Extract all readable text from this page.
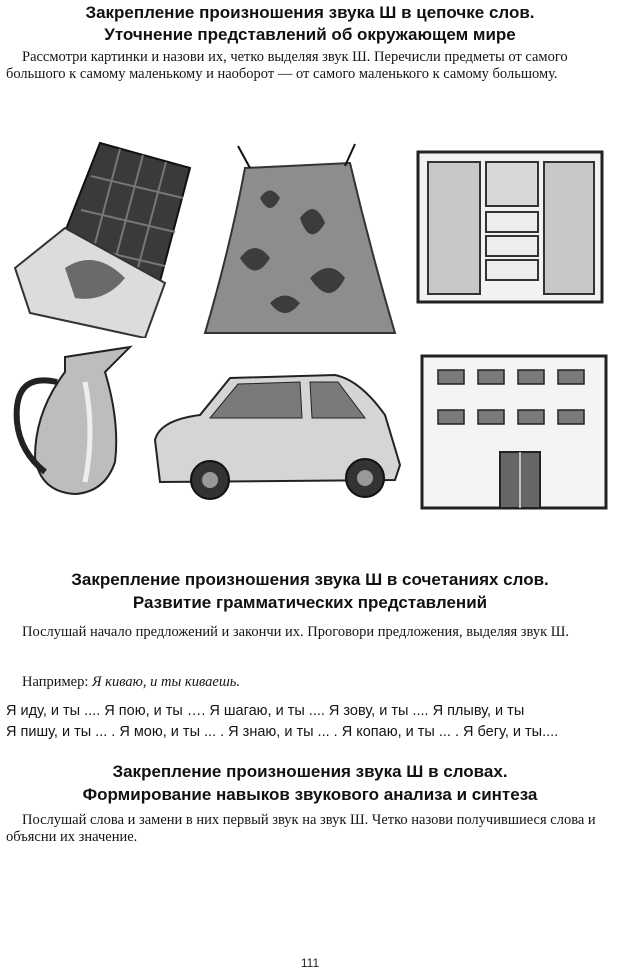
Закрепление произношения звука Ш в цепочке слов.
Уточнение представлений об окружающем мире

Рассмотри картинки и назови их, четко выделяя звук Ш. Перечисли предметы от самого большого к самому маленькому и наоборот — от самого маленького к самому большому.

Закрепление произношения звука Ш в сочетаниях слов.
Развитие грамматических представлений

Послушай начало предложений и закончи их. Проговори предложения, выделяя звук Ш.

Например: Я киваю, и ты киваешь.

Я иду, и ты .... Я пою, и ты …. Я шагаю, и ты .... Я зову, и ты .... Я плыву, и ты

Я пишу, и ты ... . Я мою, и ты ... . Я знаю, и ты ... . Я копаю, и ты ... . Я бегу, и ты....

Закрепление произношения звука Ш в словах.
Формирование навыков звукового анализа и синтеза

Послушай слова и замени в них первый звук на звук Ш. Четко назови получившиеся слова и объясни их значение.

111
